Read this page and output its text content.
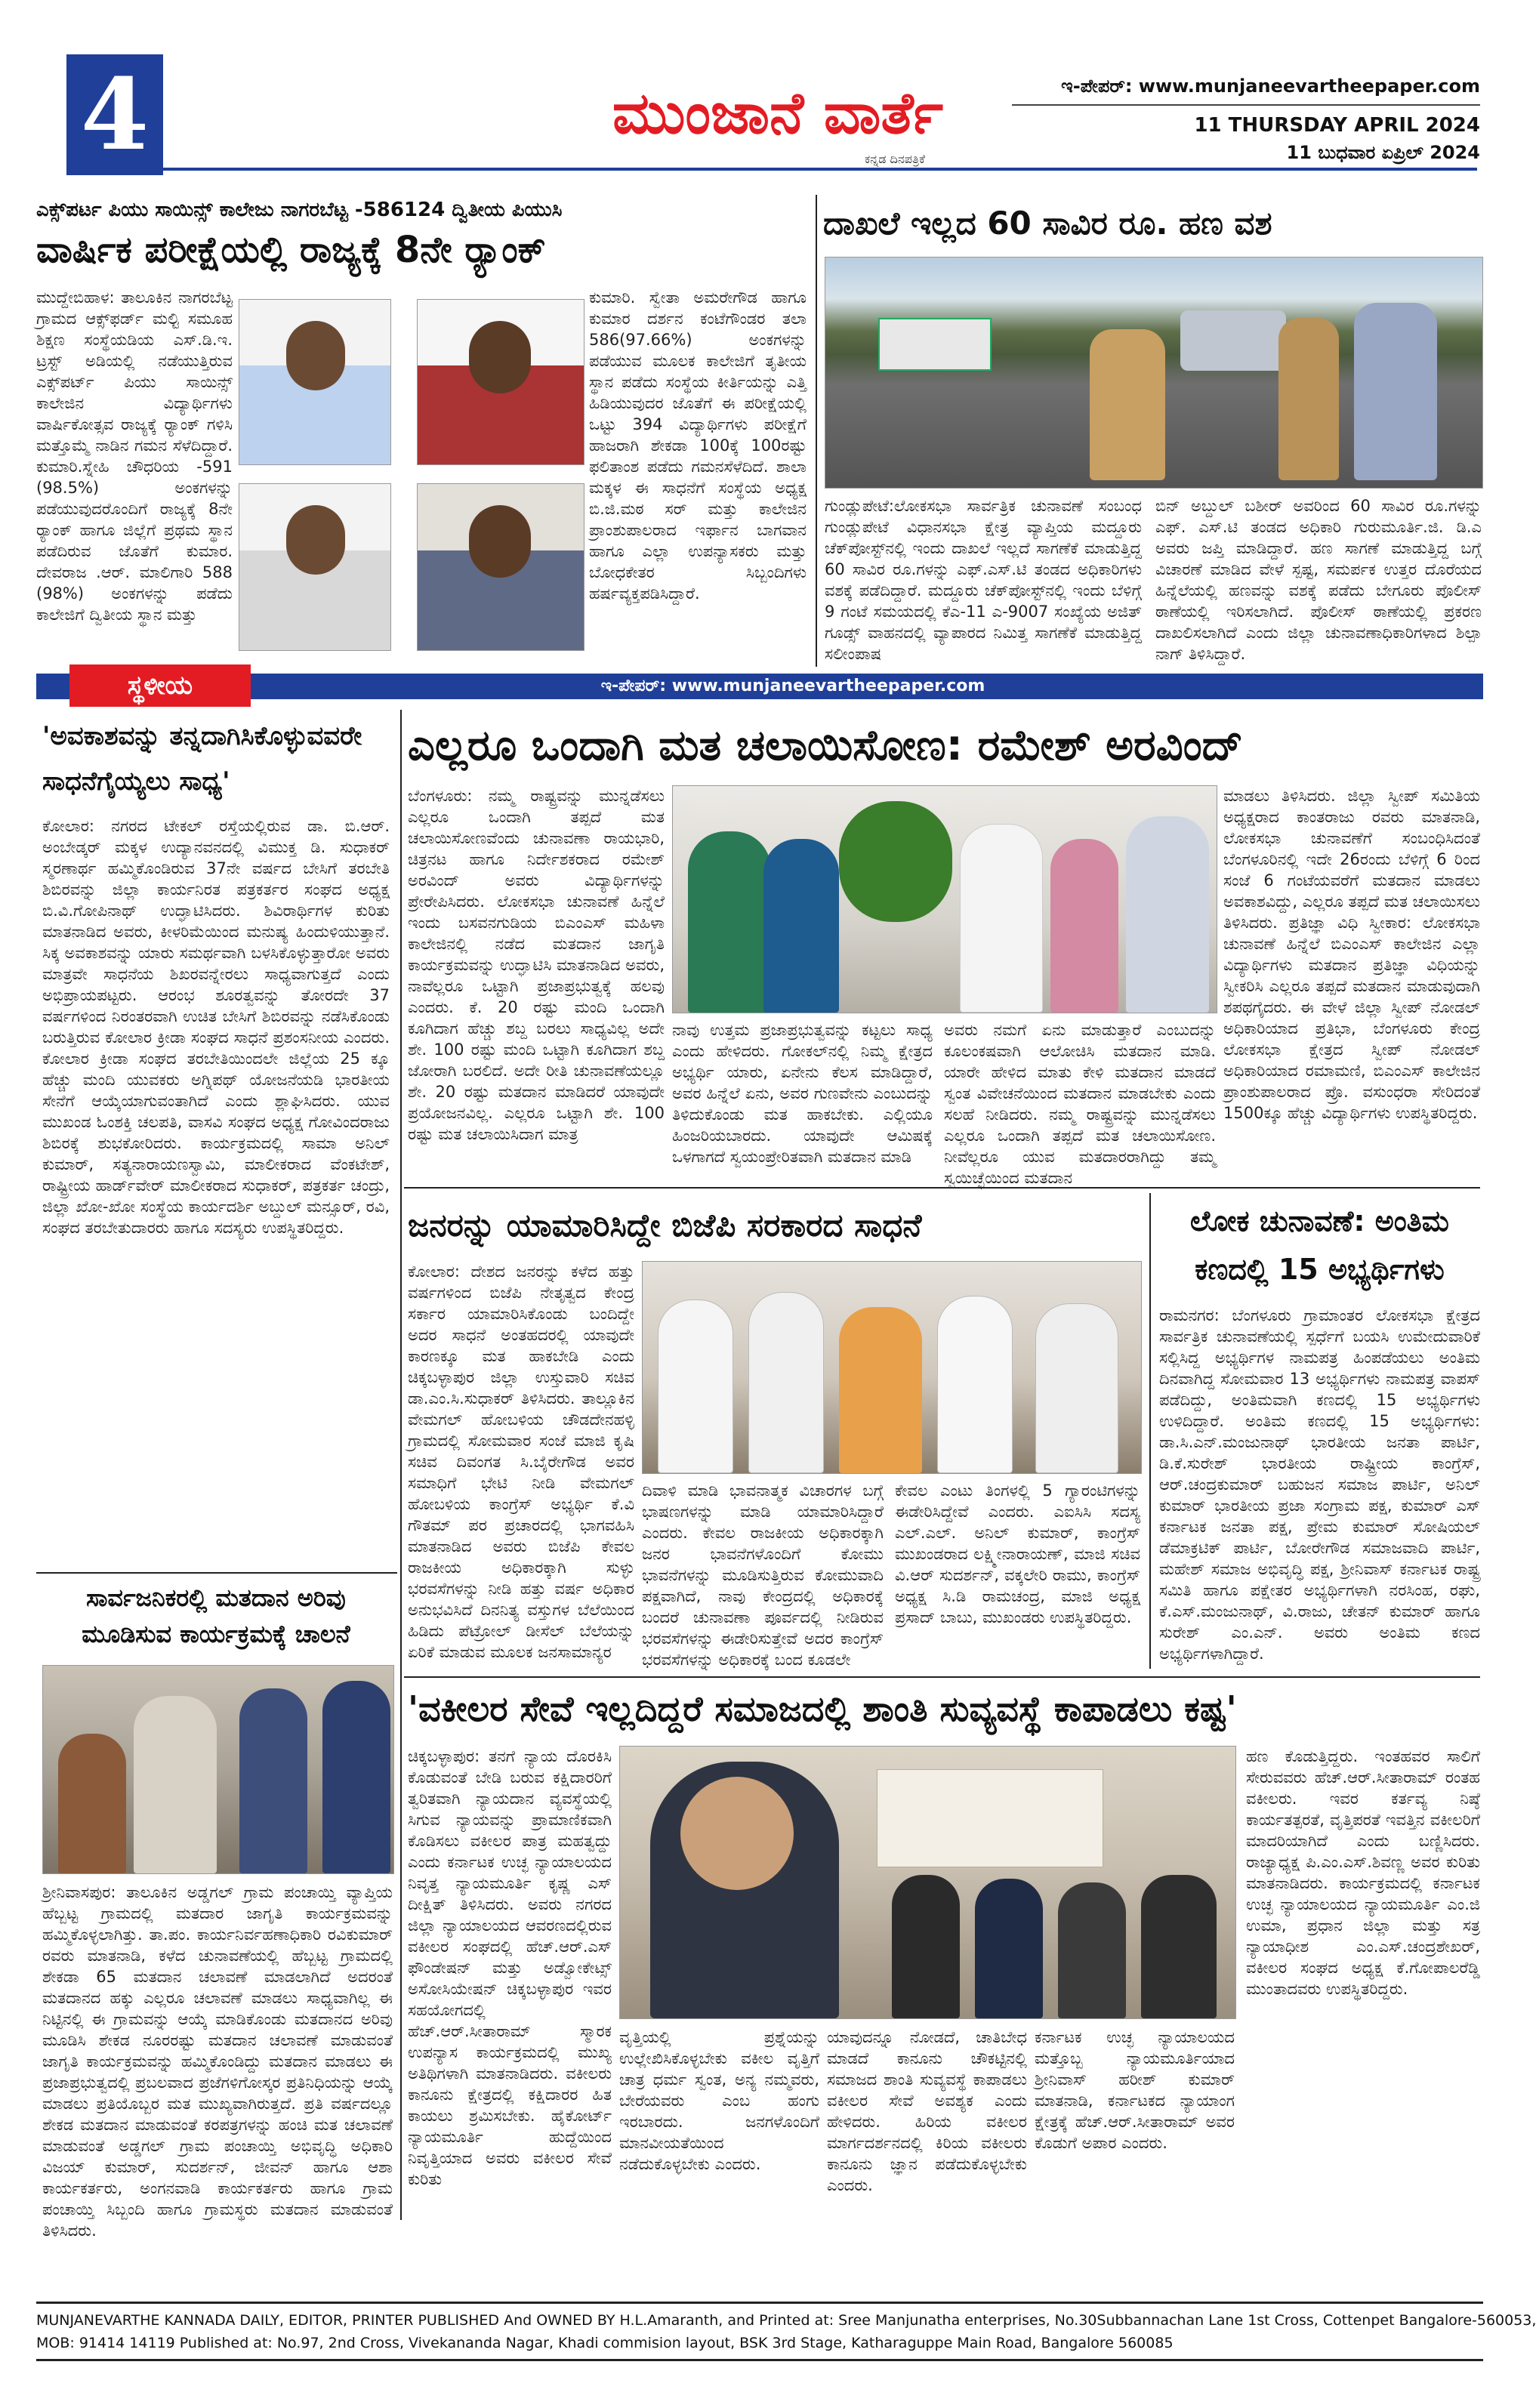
4	ಮುಂಜಾನೆ ವಾರ್ತೆ
ಕನ್ನಡ ದಿನಪತ್ರಿಕೆ
ಇ-ಪೇಪರ್: www.munjaneevartheepaper.com
11 THURSDAY APRIL 2024
11 ಬುಧವಾರ ಏಪ್ರಿಲ್ 2024
ಎಕ್ಸ್‌ಪರ್ಟ ಪಿಯು ಸಾಯಿನ್ಸ್ ಕಾಲೇಜು ನಾಗರಬೆಟ್ಟ -586124 ದ್ವಿತೀಯ ಪಿಯುಸಿ
ವಾರ್ಷಿಕ ಪರೀಕ್ಷೆಯಲ್ಲಿ ರಾಜ್ಯಕ್ಕೆ 8ನೇ ರ‍್ಯಾಂಕ್
ಮುದ್ದೇಬಿಹಾಳ: ತಾಲೂಕಿನ ನಾಗರಬೆಟ್ಟ ಗ್ರಾಮದ ಆಕ್ಸ್‌ಫರ್ಡ್ ಮಲ್ಟಿ ಸಮೂಹ ಶಿಕ್ಷಣ ಸಂಸ್ಥೆಯಡಿಯ ಎಸ್.ಡಿ.ಇ. ಟ್ರಸ್ಟ್ ಅಡಿಯಲ್ಲಿ ನಡೆಯುತ್ತಿರುವ ಎಕ್ಸ್‌ಪರ್ಟ್ ಪಿಯು ಸಾಯಿನ್ಸ್ ಕಾಲೇಜಿನ ವಿದ್ಯಾರ್ಥಿಗಳು ವಾರ್ಷಿಕೋತ್ಸವ ರಾಜ್ಯಕ್ಕೆ ರ‍್ಯಾಂಕ್ ಗಳಿಸಿ ಮತ್ತೊಮ್ಮೆ ನಾಡಿನ ಗಮನ ಸೆಳೆದಿದ್ದಾರೆ. ಕುಮಾರಿ.ಸ್ನೇಹಿ ಚೌಧರಿಯ -591 (98.5%) ಅಂಕಗಳನ್ನು ಪಡೆಯುವುದರೊಂದಿಗೆ ರಾಜ್ಯಕ್ಕೆ 8ನೇ ರ‍್ಯಾಂಕ್ ಹಾಗೂ ಜಿಲ್ಲೆಗೆ ಪ್ರಥಮ ಸ್ಥಾನ ಪಡೆದಿರುವ ಜೊತೆಗೆ ಕುಮಾರ. ದೇವರಾಜ .ಆರ್. ಮಾಲಿಗಾರಿ 588 (98%) ಅಂಕಗಳನ್ನು ಪಡೆದು ಕಾಲೇಜಿಗೆ ದ್ವಿತೀಯ ಸ್ಥಾನ ಮತ್ತು
ಕುಮಾರಿ. ಸ್ವೇತಾ ಅಮರೇಗೌಡ ಹಾಗೂ ಕುಮಾರ ದರ್ಶನ ಕಂಟೆಗೌಂಡರ ತಲಾ 586(97.66%) ಅಂಕಗಳನ್ನು ಪಡೆಯುವ ಮೂಲಕ ಕಾಲೇಜಿಗೆ ತೃತೀಯ ಸ್ಥಾನ ಪಡೆದು ಸಂಸ್ಥೆಯ ಕೀರ್ತಿಯನ್ನು ಎತ್ತಿ ಹಿಡಿಯುವುದರ ಜೊತೆಗೆ ಈ ಪರೀಕ್ಷೆಯಲ್ಲಿ ಒಟ್ಟು 394 ವಿದ್ಯಾರ್ಥಿಗಳು ಪರೀಕ್ಷೆಗೆ ಹಾಜರಾಗಿ ಶೇಕಡಾ 100ಕ್ಕೆ 100ರಷ್ಟು ಫಲಿತಾಂಶ ಪಡೆದು ಗಮನಸೆಳೆದಿದೆ. ಶಾಲಾ ಮಕ್ಕಳ ಈ ಸಾಧನೆಗೆ ಸಂಸ್ಥೆಯ ಅಧ್ಯಕ್ಷ ಬಿ.ಜಿ.ಮಠ ಸರ್ ಮತ್ತು ಕಾಲೇಜಿನ ಪ್ರಾಂಶುಪಾಲರಾದ ಇರ್ಫಾನ ಬಾಗವಾನ ಹಾಗೂ ಎಲ್ಲಾ ಉಪನ್ಯಾಸಕರು ಮತ್ತು ಬೋಧಕೇತರ ಸಿಬ್ಬಂದಿಗಳು ಹರ್ಷವ್ಯಕ್ತಪಡಿಸಿದ್ದಾರೆ.
ದಾಖಲೆ ಇಲ್ಲದ 60 ಸಾವಿರ ರೂ. ಹಣ ವಶ
ಗುಂಡ್ಲುಪೇಟೆ:ಲೋಕಸಭಾ ಸಾರ್ವತ್ರಿಕ ಚುನಾವಣೆ ಸಂಬಂಧ ಗುಂಡ್ಲುಪೇಟೆ ವಿಧಾನಸಭಾ ಕ್ಷೇತ್ರ ವ್ಯಾಪ್ತಿಯ ಮದ್ದೂರು ಚೆಕ್‌ಪೋಸ್ಟ್‌ನಲ್ಲಿ ಇಂದು ದಾಖಲೆ ಇಲ್ಲದೆ ಸಾಗಣೆಕೆ ಮಾಡುತ್ತಿದ್ದ 60 ಸಾವಿರ ರೂ.ಗಳನ್ನು ಎಫ್.ಎಸ್.ಟಿ ತಂಡದ ಅಧಿಕಾರಿಗಳು ವಶಕ್ಕೆ ಪಡೆದಿದ್ದಾರೆ. ಮದ್ದೂರು ಚೆಕ್‌ಪೋಸ್ಟ್‌ನಲ್ಲಿ ಇಂದು ಬೆಳಿಗ್ಗೆ 9 ಗಂಟೆ ಸಮಯದಲ್ಲಿ ಕೆಎ-11 ಎ-9007 ಸಂಖ್ಯೆಯ ಅಜಿತ್ ಗೂಡ್ಸ್ ವಾಹನದಲ್ಲಿ ವ್ಯಾಪಾರದ ನಿಮಿತ್ತ ಸಾಗಣೆಕೆ ಮಾಡುತ್ತಿದ್ದ ಸಲೀಂಪಾಷ
ಬಿನ್ ಅಬ್ದುಲ್ ಬಶೀರ್ ಅವರಿಂದ 60 ಸಾವಿರ ರೂ.ಗಳನ್ನು ಎಫ್. ಎಸ್.ಟಿ ತಂಡದ ಅಧಿಕಾರಿ ಗುರುಮೂರ್ತಿ.ಜಿ. ಡಿ.ಎ ಅವರು ಜಪ್ತಿ ಮಾಡಿದ್ದಾರೆ. ಹಣ ಸಾಗಣೆ ಮಾಡುತ್ತಿದ್ದ ಬಗ್ಗೆ ವಿಚಾರಣೆ ಮಾಡಿದ ವೇಳೆ ಸ್ಪಷ್ಟ, ಸಮರ್ಪಕ ಉತ್ತರ ದೊರೆಯದ ಹಿನ್ನೆಲೆಯಲ್ಲಿ ಹಣವನ್ನು ವಶಕ್ಕೆ ಪಡೆದು ಬೇಗೂರು ಪೊಲೀಸ್ ಠಾಣೆಯಲ್ಲಿ ಇರಿಸಲಾಗಿದೆ. ಪೊಲೀಸ್ ಠಾಣೆಯಲ್ಲಿ ಪ್ರಕರಣ ದಾಖಲಿಸಲಾಗಿದೆ ಎಂದು ಜಿಲ್ಲಾ ಚುನಾವಣಾಧಿಕಾರಿಗಳಾದ ಶಿಲ್ಪಾ ನಾಗ್ ತಿಳಿಸಿದ್ದಾರೆ.
ಸ್ಥಳೀಯ	ಇ-ಪೇಪರ್: www.munjaneevartheepaper.com
'ಅವಕಾಶವನ್ನು ತನ್ನದಾಗಿಸಿಕೊಳ್ಳುವವರೇ ಸಾಧನೆಗೈಯ್ಯಲು ಸಾಧ್ಯ'
ಕೋಲಾರ: ನಗರದ ಟೇಕಲ್ ರಸ್ತೆಯಲ್ಲಿರುವ ಡಾ. ಬಿ.ಆರ್. ಅಂಬೇಡ್ಕರ್ ಮಕ್ಕಳ ಉದ್ಯಾನವನದಲ್ಲಿ ವಿಮುಕ್ತ ಡಿ. ಸುಧಾಕರ್ ಸ್ಮರಣಾರ್ಥ ಹಮ್ಮಿಕೊಂಡಿರುವ 37ನೇ ವರ್ಷದ ಬೇಸಿಗೆ ತರಬೇತಿ ಶಿಬಿರವನ್ನು ಜಿಲ್ಲಾ ಕಾರ್ಯನಿರತ ಪತ್ರಕರ್ತರ ಸಂಘದ ಅಧ್ಯಕ್ಷ ಬಿ.ವಿ.ಗೋಪಿನಾಥ್ ಉದ್ಘಾಟಿಸಿದರು. ಶಿವಿರಾರ್ಥಿಗಳ ಕುರಿತು ಮಾತನಾಡಿದ ಅವರು, ಕೀಳರಿಮೆಯಿಂದ ಮನುಷ್ಯ ಹಿಂದುಳಿಯುತ್ತಾನೆ. ಸಿಕ್ಕ ಅವಕಾಶವನ್ನು ಯಾರು ಸಮರ್ಥವಾಗಿ ಬಳಸಿಕೊಳ್ಳುತ್ತಾರೋ ಅವರು ಮಾತ್ರವೇ ಸಾಧನೆಯ ಶಿಖರವನ್ನೇರಲು ಸಾಧ್ಯವಾಗುತ್ತದೆ ಎಂದು ಅಭಿಪ್ರಾಯಪಟ್ಟರು. ಆರಂಭ ಶೂರತ್ವವನ್ನು ತೋರದೇ 37 ವರ್ಷಗಳಿಂದ ನಿರಂತರವಾಗಿ ಉಚಿತ ಬೇಸಿಗೆ ಶಿಬಿರವನ್ನು ನಡೆಸಿಕೊಂಡು ಬರುತ್ತಿರುವ ಕೋಲಾರ ಕ್ರೀಡಾ ಸಂಘದ ಸಾಧನೆ ಪ್ರಶಂಸನೀಯ ಎಂದರು. ಕೋಲಾರ ಕ್ರೀಡಾ ಸಂಘದ ತರಬೇತಿಯಿಂದಲೇ ಜಿಲ್ಲೆಯ 25 ಕ್ಕೂ ಹೆಚ್ಚು ಮಂದಿ ಯುವಕರು ಅಗ್ನಿಪಥ್ ಯೋಜನೆಯಡಿ ಭಾರತೀಯ ಸೇನೆಗೆ ಆಯ್ಕೆಯಾಗುವಂತಾಗಿದೆ ಎಂದು ಶ್ಲಾಘಿಸಿದರು. ಯುವ ಮುಖಂಡ ಓಂಶಕ್ತಿ ಚಲಪತಿ, ವಾಸವಿ ಸಂಘದ ಅಧ್ಯಕ್ಷ ಗೋವಿಂದರಾಜು ಶಿಬಿರಕ್ಕೆ ಶುಭಕೋರಿದರು. ಕಾರ್ಯಕ್ರಮದಲ್ಲಿ ಸಾಮಾ ಅನಿಲ್ ಕುಮಾರ್, ಸತ್ಯನಾರಾಯಣಸ್ವಾಮಿ, ಮಾಲೀಕರಾದ ವೆಂಕಟೇಶ್, ರಾಷ್ಟ್ರೀಯ ಹಾರ್ಡ್‌ವೇರ್ ಮಾಲೀಕರಾದ ಸುಧಾಕರ್, ಪತ್ರಕರ್ತ ಚಂದ್ರು, ಜಿಲ್ಲಾ ಖೋ-ಖೋ ಸಂಸ್ಥೆಯ ಕಾರ್ಯದರ್ಶಿ ಅಬ್ದುಲ್ ಮನ್ಸೂರ್, ರವಿ, ಸಂಘದ ತರಬೇತುದಾರರು ಹಾಗೂ ಸದಸ್ಯರು ಉಪಸ್ಥಿತರಿದ್ದರು.
ಸಾರ್ವಜನಿಕರಲ್ಲಿ ಮತದಾನ ಅರಿವು ಮೂಡಿಸುವ ಕಾರ್ಯಕ್ರಮಕ್ಕೆ ಚಾಲನೆ
ಶ್ರೀನಿವಾಸಪುರ: ತಾಲೂಕಿನ ಅಡ್ಡಗಲ್ ಗ್ರಾಮ ಪಂಚಾಯ್ತಿ ವ್ಯಾಪ್ತಿಯ ಹೆಬ್ಬಟ್ಟ ಗ್ರಾಮದಲ್ಲಿ ಮತದಾರ ಜಾಗೃತಿ ಕಾರ್ಯಕ್ರಮವನ್ನು ಹಮ್ಮಿಕೊಳ್ಳಲಾಗಿತ್ತು. ತಾ.ಪಂ. ಕಾರ್ಯನಿರ್ವಹಣಾಧಿಕಾರಿ ರವಿಕುಮಾರ್ ರವರು ಮಾತನಾಡಿ, ಕಳೆದ ಚುನಾವಣೆಯಲ್ಲಿ ಹೆಬ್ಬಟ್ಟ ಗ್ರಾಮದಲ್ಲಿ ಶೇಕಡಾ 65 ಮತದಾನ ಚಲಾವಣೆ ಮಾಡಲಾಗಿದೆ ಅದರಂತೆ ಮತದಾನದ ಹಕ್ಕು ಎಲ್ಲರೂ ಚಲಾವಣೆ ಮಾಡಲು ಸಾಧ್ಯವಾಗಿಲ್ಲ ಈ ನಿಟ್ಟಿನಲ್ಲಿ ಈ ಗ್ರಾಮವನ್ನು ಆಯ್ಕೆ ಮಾಡಿಕೊಂಡು ಮತದಾನದ ಅರಿವು ಮೂಡಿಸಿ ಶೇಕಡ ನೂರರಷ್ಟು ಮತದಾನ ಚಲಾವಣೆ ಮಾಡುವಂತೆ ಜಾಗೃತಿ ಕಾರ್ಯಕ್ರಮವನ್ನು ಹಮ್ಮಿಕೊಂಡಿದ್ದು ಮತದಾನ ಮಾಡಲು ಈ ಪ್ರಜಾಪ್ರಭುತ್ವದಲ್ಲಿ ಪ್ರಬಲವಾದ ಪ್ರಜೆಗಳಿಗೋಸ್ಕರ ಪ್ರತಿನಿಧಿಯನ್ನು ಆಯ್ಕೆ ಮಾಡಲು ಪ್ರತಿಯೊಬ್ಬರ ಮತ ಮುಖ್ಯವಾಗಿರುತ್ತದೆ. ಪ್ರತಿ ವರ್ಷದಲ್ಲೂ ಶೇಕಡ ಮತದಾನ ಮಾಡುವಂತೆ ಕರಪತ್ರಗಳನ್ನು ಹಂಚಿ ಮತ ಚಲಾವಣೆ ಮಾಡುವಂತೆ ಅಡ್ಡಗಲ್ ಗ್ರಾಮ ಪಂಚಾಯ್ತಿ ಅಭಿವೃದ್ಧಿ ಅಧಿಕಾರಿ ವಿಜಯ್ ಕುಮಾರ್, ಸುದರ್ಶನ್, ಜೀವನ್ ಹಾಗೂ ಆಶಾ ಕಾರ್ಯಕರ್ತರು, ಅಂಗನವಾಡಿ ಕಾರ್ಯಕರ್ತರು ಹಾಗೂ ಗ್ರಾಮ ಪಂಚಾಯ್ತಿ ಸಿಬ್ಬಂದಿ ಹಾಗೂ ಗ್ರಾಮಸ್ಥರು ಮತದಾನ ಮಾಡುವಂತೆ ತಿಳಿಸಿದರು.
ಎಲ್ಲರೂ ಒಂದಾಗಿ ಮತ ಚಲಾಯಿಸೋಣ: ರಮೇಶ್ ಅರವಿಂದ್
ಬೆಂಗಳೂರು: ನಮ್ಮ ರಾಷ್ಟ್ರವನ್ನು ಮುನ್ನಡೆಸಲು ಎಲ್ಲರೂ ಒಂದಾಗಿ ತಪ್ಪದೆ ಮತ ಚಲಾಯಿಸೋಣವೆಂದು ಚುನಾವಣಾ ರಾಯಭಾರಿ, ಚಿತ್ರನಟ ಹಾಗೂ ನಿರ್ದೇಶಕರಾದ ರಮೇಶ್ ಅರವಿಂದ್ ಅವರು ವಿದ್ಯಾರ್ಥಿಗಳನ್ನು ಪ್ರೇರೇಪಿಸಿದರು. ಲೋಕಸಭಾ ಚುನಾವಣೆ ಹಿನ್ನೆಲೆ ಇಂದು ಬಸವನಗುಡಿಯ ಬಿಎಂಎಸ್ ಮಹಿಳಾ ಕಾಲೇಜಿನಲ್ಲಿ ನಡೆದ ಮತದಾನ ಜಾಗೃತಿ ಕಾರ್ಯಕ್ರಮವನ್ನು ಉದ್ಘಾಟಿಸಿ ಮಾತನಾಡಿದ ಅವರು, ನಾವೆಲ್ಲರೂ ಒಟ್ಟಾಗಿ ಪ್ರಜಾಪ್ರಭುತ್ವಕ್ಕೆ ಹಲವು ಎಂದರು. ಕೆ. 20 ರಷ್ಟು ಮಂದಿ ಒಂದಾಗಿ ಕೂಗಿದಾಗ ಹೆಚ್ಚು ಶಬ್ದ ಬರಲು ಸಾಧ್ಯವಿಲ್ಲ ಅದೇ ಶೇ. 100 ರಷ್ಟು ಮಂದಿ ಒಟ್ಟಾಗಿ ಕೂಗಿದಾಗ ಶಬ್ದ ಜೋರಾಗಿ ಬರಲಿದೆ. ಅದೇ ರೀತಿ ಚುನಾವಣೆಯಲ್ಲೂ ಶೇ. 20 ರಷ್ಟು ಮತದಾನ ಮಾಡಿದರೆ ಯಾವುದೇ ಪ್ರಯೋಜನವಿಲ್ಲ. ಎಲ್ಲರೂ ಒಟ್ಟಾಗಿ ಶೇ. 100 ರಷ್ಟು ಮತ ಚಲಾಯಿಸಿದಾಗ ಮಾತ್ರ
ನಾವು ಉತ್ತಮ ಪ್ರಜಾಪ್ರಭುತ್ವವನ್ನು ಕಟ್ಟಲು ಸಾಧ್ಯ ಎಂದು ಹೇಳಿದರು. ಗೋಕಲ್‌ನಲ್ಲಿ ನಿಮ್ಮ ಕ್ಷೇತ್ರದ ಅಭ್ಯರ್ಥಿ ಯಾರು, ಏನೇನು ಕೆಲಸ ಮಾಡಿದ್ದಾರೆ, ಅವರ ಹಿನ್ನೆಲೆ ಏನು, ಅವರ ಗುಣವೇನು ಎಂಬುದನ್ನು ತಿಳಿದುಕೊಂಡು ಮತ ಹಾಕಬೇಕು. ಎಲ್ಲಿಯೂ ಹಿಂಜರಿಯಬಾರದು. ಯಾವುದೇ ಆಮಿಷಕ್ಕೆ ಒಳಗಾಗದೆ ಸ್ವಯಂಪ್ರೇರಿತವಾಗಿ ಮತದಾನ ಮಾಡಿ
ಅವರು ನಮಗೆ ಏನು ಮಾಡುತ್ತಾರೆ ಎಂಬುದನ್ನು ಕೂಲಂಕಷವಾಗಿ ಆಲೋಚಿಸಿ ಮತದಾನ ಮಾಡಿ. ಯಾರೇ ಹೇಳಿದ ಮಾತು ಕೇಳಿ ಮತದಾನ ಮಾಡದೆ ಸ್ವಂತ ವಿವೇಚನೆಯಿಂದ ಮತದಾನ ಮಾಡಬೇಕು ಎಂದು ಸಲಹೆ ನೀಡಿದರು. ನಮ್ಮ ರಾಷ್ಟ್ರವನ್ನು ಮುನ್ನಡೆಸಲು ಎಲ್ಲರೂ ಒಂದಾಗಿ ತಪ್ಪದೆ ಮತ ಚಲಾಯಿಸೋಣ. ನೀವೆಲ್ಲರೂ ಯುವ ಮತದಾರರಾಗಿದ್ದು ತಮ್ಮ ಸ್ವಯಿಚ್ಛೆಯಿಂದ ಮತದಾನ
ಮಾಡಲು ತಿಳಿಸಿದರು. ಜಿಲ್ಲಾ ಸ್ವೀಪ್ ಸಮಿತಿಯ ಅಧ್ಯಕ್ಷರಾದ ಕಾಂತರಾಜು ರವರು ಮಾತನಾಡಿ, ಲೋಕಸಭಾ ಚುನಾವಣೆಗೆ ಸಂಬಂಧಿಸಿದಂತೆ ಬೆಂಗಳೂರಿನಲ್ಲಿ ಇದೇ 26ರಂದು ಬೆಳಿಗ್ಗೆ 6 ರಿಂದ ಸಂಜೆ 6 ಗಂಟೆಯವರೆಗೆ ಮತದಾನ ಮಾಡಲು ಅವಕಾಶವಿದ್ದು, ಎಲ್ಲರೂ ತಪ್ಪದೆ ಮತ ಚಲಾಯಿಸಲು ತಿಳಿಸಿದರು. ಪ್ರತಿಜ್ಞಾ ವಿಧಿ ಸ್ವೀಕಾರ: ಲೋಕಸಭಾ ಚುನಾವಣೆ ಹಿನ್ನೆಲೆ ಬಿಎಂಎಸ್ ಕಾಲೇಜಿನ ಎಲ್ಲಾ ವಿದ್ಯಾರ್ಥಿಗಳು ಮತದಾನ ಪ್ರತಿಜ್ಞಾ ವಿಧಿಯನ್ನು ಸ್ವೀಕರಿಸಿ ಎಲ್ಲರೂ ತಪ್ಪದೆ ಮತದಾನ ಮಾಡುವುದಾಗಿ ಶಪಥಗೈದರು. ಈ ವೇಳೆ ಜಿಲ್ಲಾ ಸ್ವೀಪ್ ನೋಡಲ್ ಅಧಿಕಾರಿಯಾದ ಪ್ರತಿಭಾ, ಬೆಂಗಳೂರು ಕೇಂದ್ರ ಲೋಕಸಭಾ ಕ್ಷೇತ್ರದ ಸ್ವೀಪ್ ನೋಡಲ್ ಅಧಿಕಾರಿಯಾದ ರಮಾಮಣಿ, ಬಿಎಂಎಸ್ ಕಾಲೇಜಿನ ಪ್ರಾಂಶುಪಾಲರಾದ ಪ್ರೊ. ವಸುಂಧರಾ ಸೇರಿದಂತೆ 1500ಕ್ಕೂ ಹೆಚ್ಚು ವಿದ್ಯಾರ್ಥಿಗಳು ಉಪಸ್ಥಿತರಿದ್ದರು.
ಜನರನ್ನು ಯಾಮಾರಿಸಿದ್ದೇ ಬಿಜೆಪಿ ಸರಕಾರದ ಸಾಧನೆ
ಕೋಲಾರ: ದೇಶದ ಜನರನ್ನು ಕಳೆದ ಹತ್ತು ವರ್ಷಗಳಿಂದ ಬಿಜೆಪಿ ನೇತೃತ್ವದ ಕೇಂದ್ರ ಸರ್ಕಾರ ಯಾಮಾರಿಸಿಕೊಂಡು ಬಂದಿದ್ದೇ ಅದರ ಸಾಧನೆ ಅಂತಹದರಲ್ಲಿ ಯಾವುದೇ ಕಾರಣಕ್ಕೂ ಮತ ಹಾಕಬೇಡಿ ಎಂದು ಚಿಕ್ಕಬಳ್ಳಾಪುರ ಜಿಲ್ಲಾ ಉಸ್ತುವಾರಿ ಸಚಿವ ಡಾ.ಎಂ.ಸಿ.ಸುಧಾಕರ್ ತಿಳಿಸಿದರು. ತಾಲ್ಲೂಕಿನ ವೇಮಗಲ್ ಹೋಬಳಿಯ ಚೌಡದೇನಹಳ್ಳಿ ಗ್ರಾಮದಲ್ಲಿ ಸೋಮವಾರ ಸಂಜೆ ಮಾಜಿ ಕೃಷಿ ಸಚಿವ ದಿವಂಗತ ಸಿ.ಬೈರೇಗೌಡ ಅವರ ಸಮಾಧಿಗೆ ಭೇಟಿ ನೀಡಿ ವೇಮಗಲ್ ಹೋಬಳಿಯ ಕಾಂಗ್ರೆಸ್ ಅಭ್ಯರ್ಥಿ ಕೆ.ವಿ ಗೌತಮ್ ಪರ ಪ್ರಚಾರದಲ್ಲಿ ಭಾಗವಹಿಸಿ ಮಾತನಾಡಿದ ಅವರು ಬಿಜೆಪಿ ಕೇವಲ ರಾಜಕೀಯ ಅಧಿಕಾರಕ್ಕಾಗಿ ಸುಳ್ಳು ಭರವಸೆಗಳನ್ನು ನೀಡಿ ಹತ್ತು ವರ್ಷ ಅಧಿಕಾರ ಅನುಭವಿಸಿದೆ ದಿನನಿತ್ಯ ವಸ್ತುಗಳ ಬೆಲೆಯಿಂದ ಹಿಡಿದು ಪೆಟ್ರೋಲ್ ಡೀಸೆಲ್ ಬೆಲೆಯನ್ನು ಏರಿಕೆ ಮಾಡುವ ಮೂಲಕ ಜನಸಾಮಾನ್ಯರ
ದಿವಾಳಿ ಮಾಡಿ ಭಾವನಾತ್ಮಕ ವಿಚಾರಗಳ ಬಗ್ಗೆ ಭಾಷಣಗಳನ್ನು ಮಾಡಿ ಯಾಮಾರಿಸಿದ್ದಾರೆ ಎಂದರು. ಕೇವಲ ರಾಜಕೀಯ ಅಧಿಕಾರಕ್ಕಾಗಿ ಜನರ ಭಾವನೆಗಳೊಂದಿಗೆ ಕೋಮು ಭಾವನೆಗಳನ್ನು ಮೂಡಿಸುತ್ತಿರುವ ಕೋಮುವಾದಿ ಪಕ್ಷವಾಗಿದೆ, ನಾವು ಕೇಂದ್ರದಲ್ಲಿ ಅಧಿಕಾರಕ್ಕೆ ಬಂದರೆ ಚುನಾವಣಾ ಪೂರ್ವದಲ್ಲಿ ನೀಡಿರುವ ಭರವಸೆಗಳನ್ನು ಈಡೇರಿಸುತ್ತೇವೆ ಅದರ ಕಾಂಗ್ರೆಸ್ ಭರವಸೆಗಳನ್ನು ಅಧಿಕಾರಕ್ಕೆ ಬಂದ ಕೂಡಲೇ
ಕೇವಲ ಎಂಟು ತಿಂಗಳಲ್ಲಿ 5 ಗ್ಯಾರಂಟಿಗಳನ್ನು ಈಡೇರಿಸಿದ್ದೇವೆ ಎಂದರು. ಎಐಸಿಸಿ ಸದಸ್ಯ ಎಲ್.ಎಲ್. ಅನಿಲ್ ಕುಮಾರ್, ಕಾಂಗ್ರೆಸ್ ಮುಖಂಡರಾದ ಲಕ್ಷ್ಮೀನಾರಾಯಣ್, ಮಾಜಿ ಸಚಿವ ವಿ.ಆರ್ ಸುದರ್ಶನ್, ವಕ್ಕಲೇರಿ ರಾಮು, ಕಾಂಗ್ರೆಸ್ ಅಧ್ಯಕ್ಷ ಸಿ.ಡಿ ರಾಮಚಂದ್ರ, ಮಾಜಿ ಅಧ್ಯಕ್ಷ ಪ್ರಸಾದ್ ಬಾಬು, ಮುಖಂಡರು ಉಪಸ್ಥಿತರಿದ್ದರು.
ಲೋಕ ಚುನಾವಣೆ: ಅಂತಿಮ ಕಣದಲ್ಲಿ 15 ಅಭ್ಯರ್ಥಿಗಳು
ರಾಮನಗರ: ಬೆಂಗಳೂರು ಗ್ರಾಮಾಂತರ ಲೋಕಸಭಾ ಕ್ಷೇತ್ರದ ಸಾರ್ವತ್ರಿಕ ಚುನಾವಣೆಯಲ್ಲಿ ಸ್ಪರ್ಧೆಗೆ ಬಯಸಿ ಉಮೇದುವಾರಿಕೆ ಸಲ್ಲಿಸಿದ್ದ ಅಭ್ಯರ್ಥಿಗಳ ನಾಮಪತ್ರ ಹಿಂಪಡೆಯಲು ಅಂತಿಮ ದಿನವಾಗಿದ್ದ ಸೋಮವಾರ 13 ಅಭ್ಯರ್ಥಿಗಳು ನಾಮಪತ್ರ ವಾಪಸ್ ಪಡೆದಿದ್ದು, ಅಂತಿಮವಾಗಿ ಕಣದಲ್ಲಿ 15 ಅಭ್ಯರ್ಥಿಗಳು ಉಳಿದಿದ್ದಾರೆ. ಅಂತಿಮ ಕಣದಲ್ಲಿ 15 ಅಭ್ಯರ್ಥಿಗಳು: ಡಾ.ಸಿ.ಎನ್.ಮಂಜುನಾಥ್ ಭಾರತೀಯ ಜನತಾ ಪಾರ್ಟಿ, ಡಿ.ಕೆ.ಸುರೇಶ್ ಭಾರತೀಯ ರಾಷ್ಟ್ರೀಯ ಕಾಂಗ್ರೆಸ್, ಆರ್.ಚಂದ್ರಕುಮಾರ್ ಬಹುಜನ ಸಮಾಜ ಪಾರ್ಟಿ, ಅನಿಲ್ ಕುಮಾರ್ ಭಾರತೀಯ ಪ್ರಜಾ ಸಂಗ್ರಾಮ ಪಕ್ಷ, ಕುಮಾರ್ ಎಸ್ ಕರ್ನಾಟಕ ಜನತಾ ಪಕ್ಷ, ಪ್ರೇಮ ಕುಮಾರ್ ಸೋಷಿಯಲ್ ಡೆಮಾಕ್ರಟಿಕ್ ಪಾರ್ಟಿ, ಬೋರೇಗೌಡ ಸಮಾಜವಾದಿ ಪಾರ್ಟಿ, ಮಹೇಶ್ ಸಮಾಜ ಅಭಿವೃದ್ಧಿ ಪಕ್ಷ, ಶ್ರೀನಿವಾಸ್ ಕರ್ನಾಟಕ ರಾಷ್ಟ್ರ ಸಮಿತಿ ಹಾಗೂ ಪಕ್ಷೇತರ ಅಭ್ಯರ್ಥಿಗಳಾಗಿ ನರಸಿಂಹ, ರಘು, ಕೆ.ಎಸ್.ಮಂಜುನಾಥ್, ವಿ.ರಾಜು, ಚೇತನ್ ಕುಮಾರ್ ಹಾಗೂ ಸುರೇಶ್ ಎಂ.ಎನ್. ಅವರು ಅಂತಿಮ ಕಣದ ಅಭ್ಯರ್ಥಿಗಳಾಗಿದ್ದಾರೆ.
'ವಕೀಲರ ಸೇವೆ ಇಲ್ಲದಿದ್ದರೆ ಸಮಾಜದಲ್ಲಿ ಶಾಂತಿ ಸುವ್ಯವಸ್ಥೆ ಕಾಪಾಡಲು ಕಷ್ಟ'
ಚಿಕ್ಕಬಳ್ಳಾಪುರ: ತನಗೆ ನ್ಯಾಯ ದೊರಕಿಸಿ ಕೊಡುವಂತೆ ಬೇಡಿ ಬರುವ ಕಕ್ಷಿದಾರರಿಗೆ ತ್ವರಿತವಾಗಿ ನ್ಯಾಯದಾನ ವ್ಯವಸ್ಥೆಯಲ್ಲಿ ಸಿಗುವ ನ್ಯಾಯವನ್ನು ಪ್ರಾಮಾಣಿಕವಾಗಿ ಕೊಡಿಸಲು ವಕೀಲರ ಪಾತ್ರ ಮಹತ್ವದ್ದು ಎಂದು ಕರ್ನಾಟಕ ಉಚ್ಛ ನ್ಯಾಯಾಲಯದ ನಿವೃತ್ತ ನ್ಯಾಯಮೂರ್ತಿ ಕೃಷ್ಣ ಎಸ್ ದೀಕ್ಷಿತ್ ತಿಳಿಸಿದರು. ಅವರು ನಗರದ ಜಿಲ್ಲಾ ನ್ಯಾಯಾಲಯದ ಆವರಣದಲ್ಲಿರುವ ವಕೀಲರ ಸಂಘದಲ್ಲಿ ಹೆಚ್.ಆರ್.ಎಸ್ ಫೌಂಡೇಷನ್ ಮತ್ತು ಅಡ್ವೋಕೇಟ್ಸ್ ಅಸೋಸಿಯೇಷನ್ ಚಿಕ್ಕಬಳ್ಳಾಪುರ ಇವರ ಸಹಯೋಗದಲ್ಲಿ ಹೆಚ್.ಆರ್.ಸೀತಾರಾಮ್ ಸ್ಮಾರಕ ಉಪನ್ಯಾಸ ಕಾರ್ಯಕ್ರಮದಲ್ಲಿ ಮುಖ್ಯ ಅತಿಥಿಗಳಾಗಿ ಮಾತನಾಡಿದರು. ವಕೀಲರು ಕಾನೂನು ಕ್ಷೇತ್ರದಲ್ಲಿ ಕಕ್ಷಿದಾರರ ಹಿತ ಕಾಯಲು ಶ್ರಮಿಸಬೇಕು. ಹೈಕೋರ್ಟ್ ನ್ಯಾಯಮೂರ್ತಿ ಹುದ್ದೆಯಿಂದ ನಿವೃತ್ತಿಯಾದ ಅವರು ವಕೀಲರ ಸೇವೆ ಕುರಿತು
ವೃತ್ತಿಯಲ್ಲಿ ಪ್ರಶ್ನೆಯನ್ನು ಉಲ್ಲೇಖಿಸಿಕೊಳ್ಳಬೇಕು ವಕೀಲ ವೃತ್ತಿಗೆ ಚಾತ್ರ ಧರ್ಮ ಸ್ವಂತ, ಅನ್ಯ ನಮ್ಮವರು, ಬೇರೆಯವರು ಎಂಬ ಹಂಗು ಇರಬಾರದು. ಜನಗಳೊಂದಿಗೆ ಮಾನವೀಯತೆಯಿಂದ ನಡೆದುಕೊಳ್ಳಬೇಕು ಎಂದರು.
ಯಾವುದನ್ನೂ ನೋಡದೆ, ಚಾತಿಬೇಧ ಮಾಡದೆ ಕಾನೂನು ಚೌಕಟ್ಟಿನಲ್ಲಿ ಸಮಾಜದ ಶಾಂತಿ ಸುವ್ಯವಸ್ಥೆ ಕಾಪಾಡಲು ವಕೀಲರ ಸೇವೆ ಅವಶ್ಯಕ ಎಂದು ಹೇಳಿದರು. ಹಿರಿಯ ವಕೀಲರ ಮಾರ್ಗದರ್ಶನದಲ್ಲಿ ಕಿರಿಯ ವಕೀಲರು ಕಾನೂನು ಜ್ಞಾನ ಪಡೆದುಕೊಳ್ಳಬೇಕು ಎಂದರು.
ಕರ್ನಾಟಕ ಉಚ್ಛ ನ್ಯಾಯಾಲಯದ ಮತ್ತೊಬ್ಬ ನ್ಯಾಯಮೂರ್ತಿಯಾದ ಶ್ರೀನಿವಾಸ್ ಹರೀಶ್ ಕುಮಾರ್ ಮಾತನಾಡಿ, ಕರ್ನಾಟಕದ ನ್ಯಾಯಾಂಗ ಕ್ಷೇತ್ರಕ್ಕೆ ಹೆಚ್.ಆರ್.ಸೀತಾರಾಮ್ ಅವರ ಕೊಡುಗೆ ಅಪಾರ ಎಂದರು.
ಹಣ ಕೊಡುತ್ತಿದ್ದರು. ಇಂತಹವರ ಸಾಲಿಗೆ ಸೇರುವವರು ಹೆಚ್.ಆರ್.ಸೀತಾರಾಮ್ ರಂತಹ ವಕೀಲರು. ಇವರ ಕರ್ತವ್ಯ ನಿಷ್ಠೆ ಕಾರ್ಯತತ್ಪರತೆ, ವೃತ್ತಿಪರತೆ ಇವತ್ತಿನ ವಕೀಲರಿಗೆ ಮಾದರಿಯಾಗಿದೆ ಎಂದು ಬಣ್ಣಿಸಿದರು. ರಾಜ್ಯಾಧ್ಯಕ್ಷ ಪಿ.ಎಂ.ಎಸ್.ಶಿವಣ್ಣ ಅವರ ಕುರಿತು ಮಾತನಾಡಿದರು. ಕಾರ್ಯಕ್ರಮದಲ್ಲಿ ಕರ್ನಾಟಕ ಉಚ್ಛ ನ್ಯಾಯಾಲಯದ ನ್ಯಾಯಮೂರ್ತಿ ಎಂ.ಜಿ ಉಮಾ, ಪ್ರಧಾನ ಜಿಲ್ಲಾ ಮತ್ತು ಸತ್ರ ನ್ಯಾಯಾಧೀಶ ಎಂ.ಎಸ್.ಚಂದ್ರಶೇಖರ್, ವಕೀಲರ ಸಂಘದ ಅಧ್ಯಕ್ಷ ಕೆ.ಗೋಪಾಲರೆಡ್ಡಿ ಮುಂತಾದವರು ಉಪಸ್ಥಿತರಿದ್ದರು.
MUNJANEVARTHE KANNADA DAILY, EDITOR, PRINTER PUBLISHED And OWNED BY H.L.Amaranth, and Printed at: Sree Manjunatha enterprises, No.30Subbannachan Lane 1st Cross, Cottenpet Bangalore-560053,
MOB: 91414 14119 Published at: No.97, 2nd Cross, Vivekananda Nagar, Khadi commision layout, BSK 3rd Stage, Katharaguppe Main Road, Bangalore 560085
